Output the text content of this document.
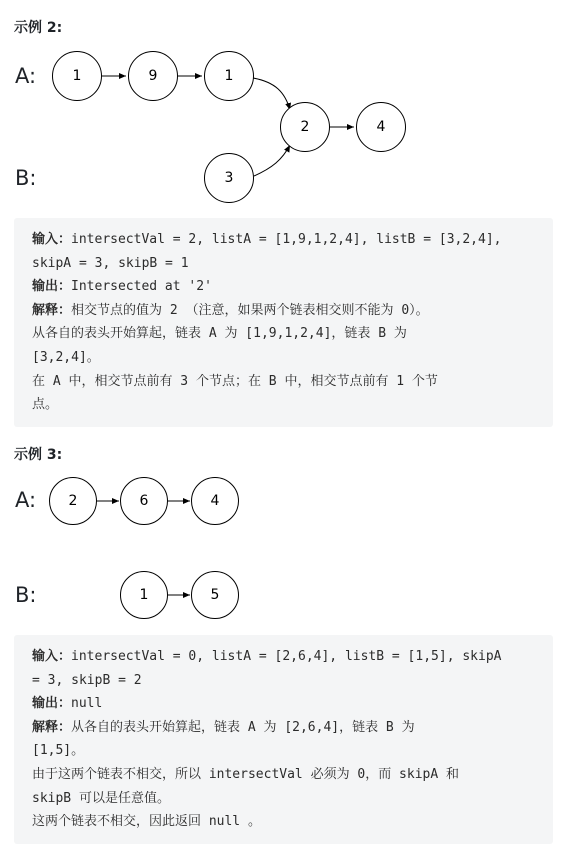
示例 2:
A:
B:
1	9	1
2	4
3
2	6	4
1	5
输入：intersectVal = 2, listA = [1,9,1,2,4], listB = [3,2,4],
skipA = 3, skipB = 1
输出：Intersected at '2'
解释：相交节点的值为 2 （注意，如果两个链表相交则不能为 0）。
从各自的表头开始算起，链表 A 为 [1,9,1,2,4]，链表 B 为
[3,2,4]。
在 A 中，相交节点前有 3 个节点；在 B 中，相交节点前有 1 个节
点。
示例 3:
A:
B:
输入：intersectVal = 0, listA = [2,6,4], listB = [1,5], skipA
= 3, skipB = 2
输出：null
解释：从各自的表头开始算起，链表 A 为 [2,6,4]，链表 B 为
[1,5]。
由于这两个链表不相交，所以 intersectVal 必须为 0，而 skipA 和
skipB 可以是任意值。
这两个链表不相交，因此返回 null 。
